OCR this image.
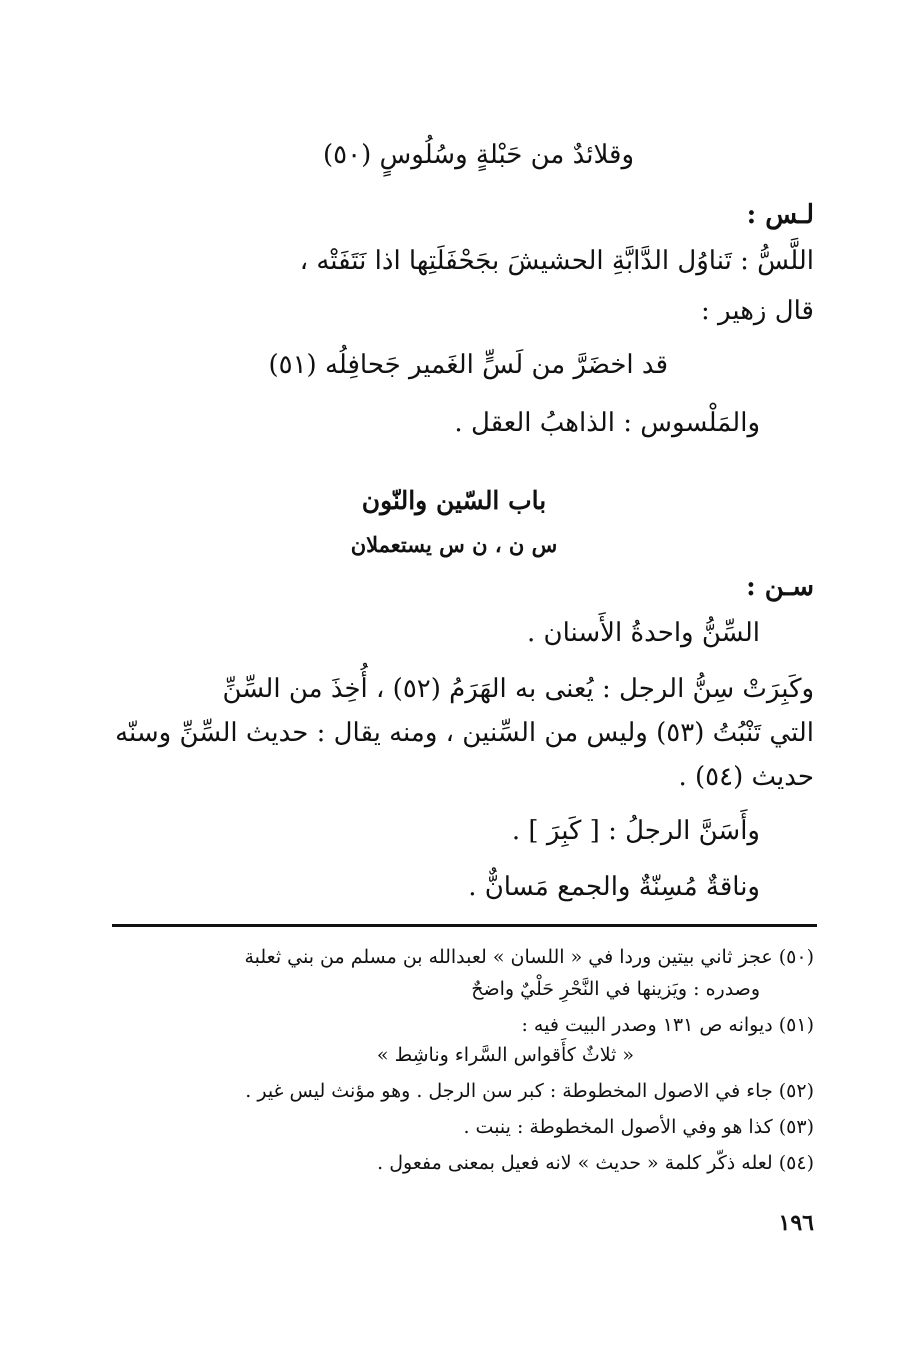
وقلائدٌ من حَبْلةٍ وسُلُوسٍ (٥٠)
لـس :
اللَّسُّ : تَناوُل الدَّابَّةِ الحشيشَ بجَحْفَلَتِها اذا نَتَفَتْه ،
قال زهير :
قد اخضَرَّ من لَسٍّ الغَمير جَحافِلُه (٥١)
والمَلْسوس : الذاهبُ العقل .
باب السّين والنّون
س ن ، ن س يستعملان
سـن :
السِّنُّ واحدةُ الأَسنان .
وكَبِرَتْ سِنُّ الرجل : يُعنى به الهَرَمُ (٥٢) ، أُخِذَ من السِّنِّ
التي تَنْبُتُ (٥٣) وليس من السِّنين ، ومنه يقال : حديث السِّنِّ وسنّه
حديث (٥٤) .
وأَسَنَّ الرجلُ : [ كَبِرَ ] .
وناقةٌ مُسِنّةٌ والجمع مَسانٌّ .
(٥٠) عجز ثاني بيتين وردا في « اللسان » لعبدالله بن مسلم من بني ثعلبة
وصدره : ويَزينها في النَّحْرِ حَلْيٌ واضحٌ
(٥١) ديوانه ص ١٣١ وصدر البيت فيه :
« ثلاثٌ كأَقواس السَّراء وناشِط »
(٥٢) جاء في الاصول المخطوطة : كبر سن الرجل . وهو مؤنث ليس غير .
(٥٣) كذا هو وفي الأصول المخطوطة : ينبت .
(٥٤) لعله ذكّر كلمة « حديث » لانه فعيل بمعنى مفعول .
١٩٦
